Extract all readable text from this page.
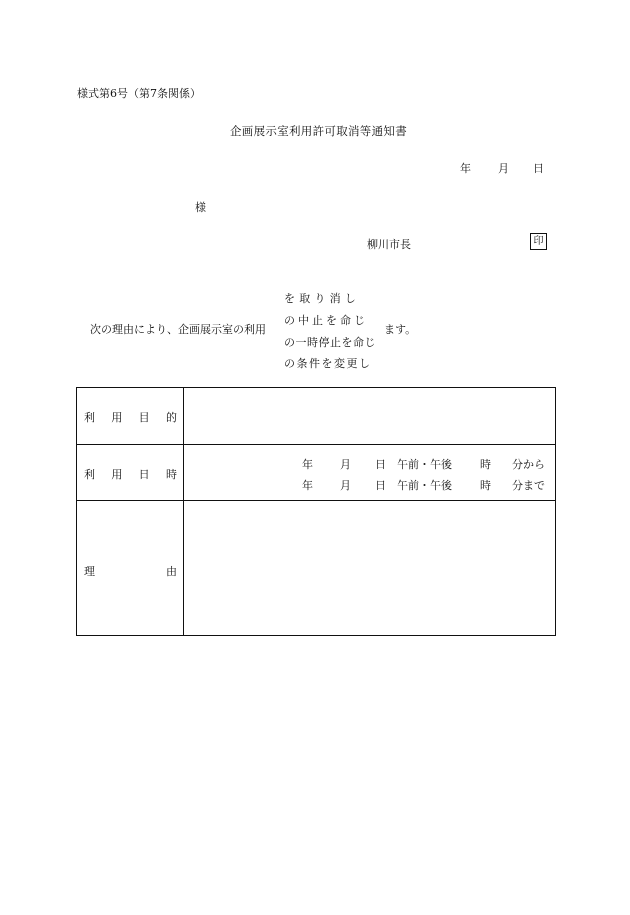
様式第6号（第7条関係）
企画展示室利用許可取消等通知書
年 月 日
様
柳川市長	印
次の理由により、企画展示室の利用
を取り消し
の中止を命じ
の一時停止を命じ
の条件を変更し
ます。
利 用 目 的
利 用 日 時
年 月 日 午前・午後	時 分から
年 月 日 午前・午後	時 分まで
理	由
